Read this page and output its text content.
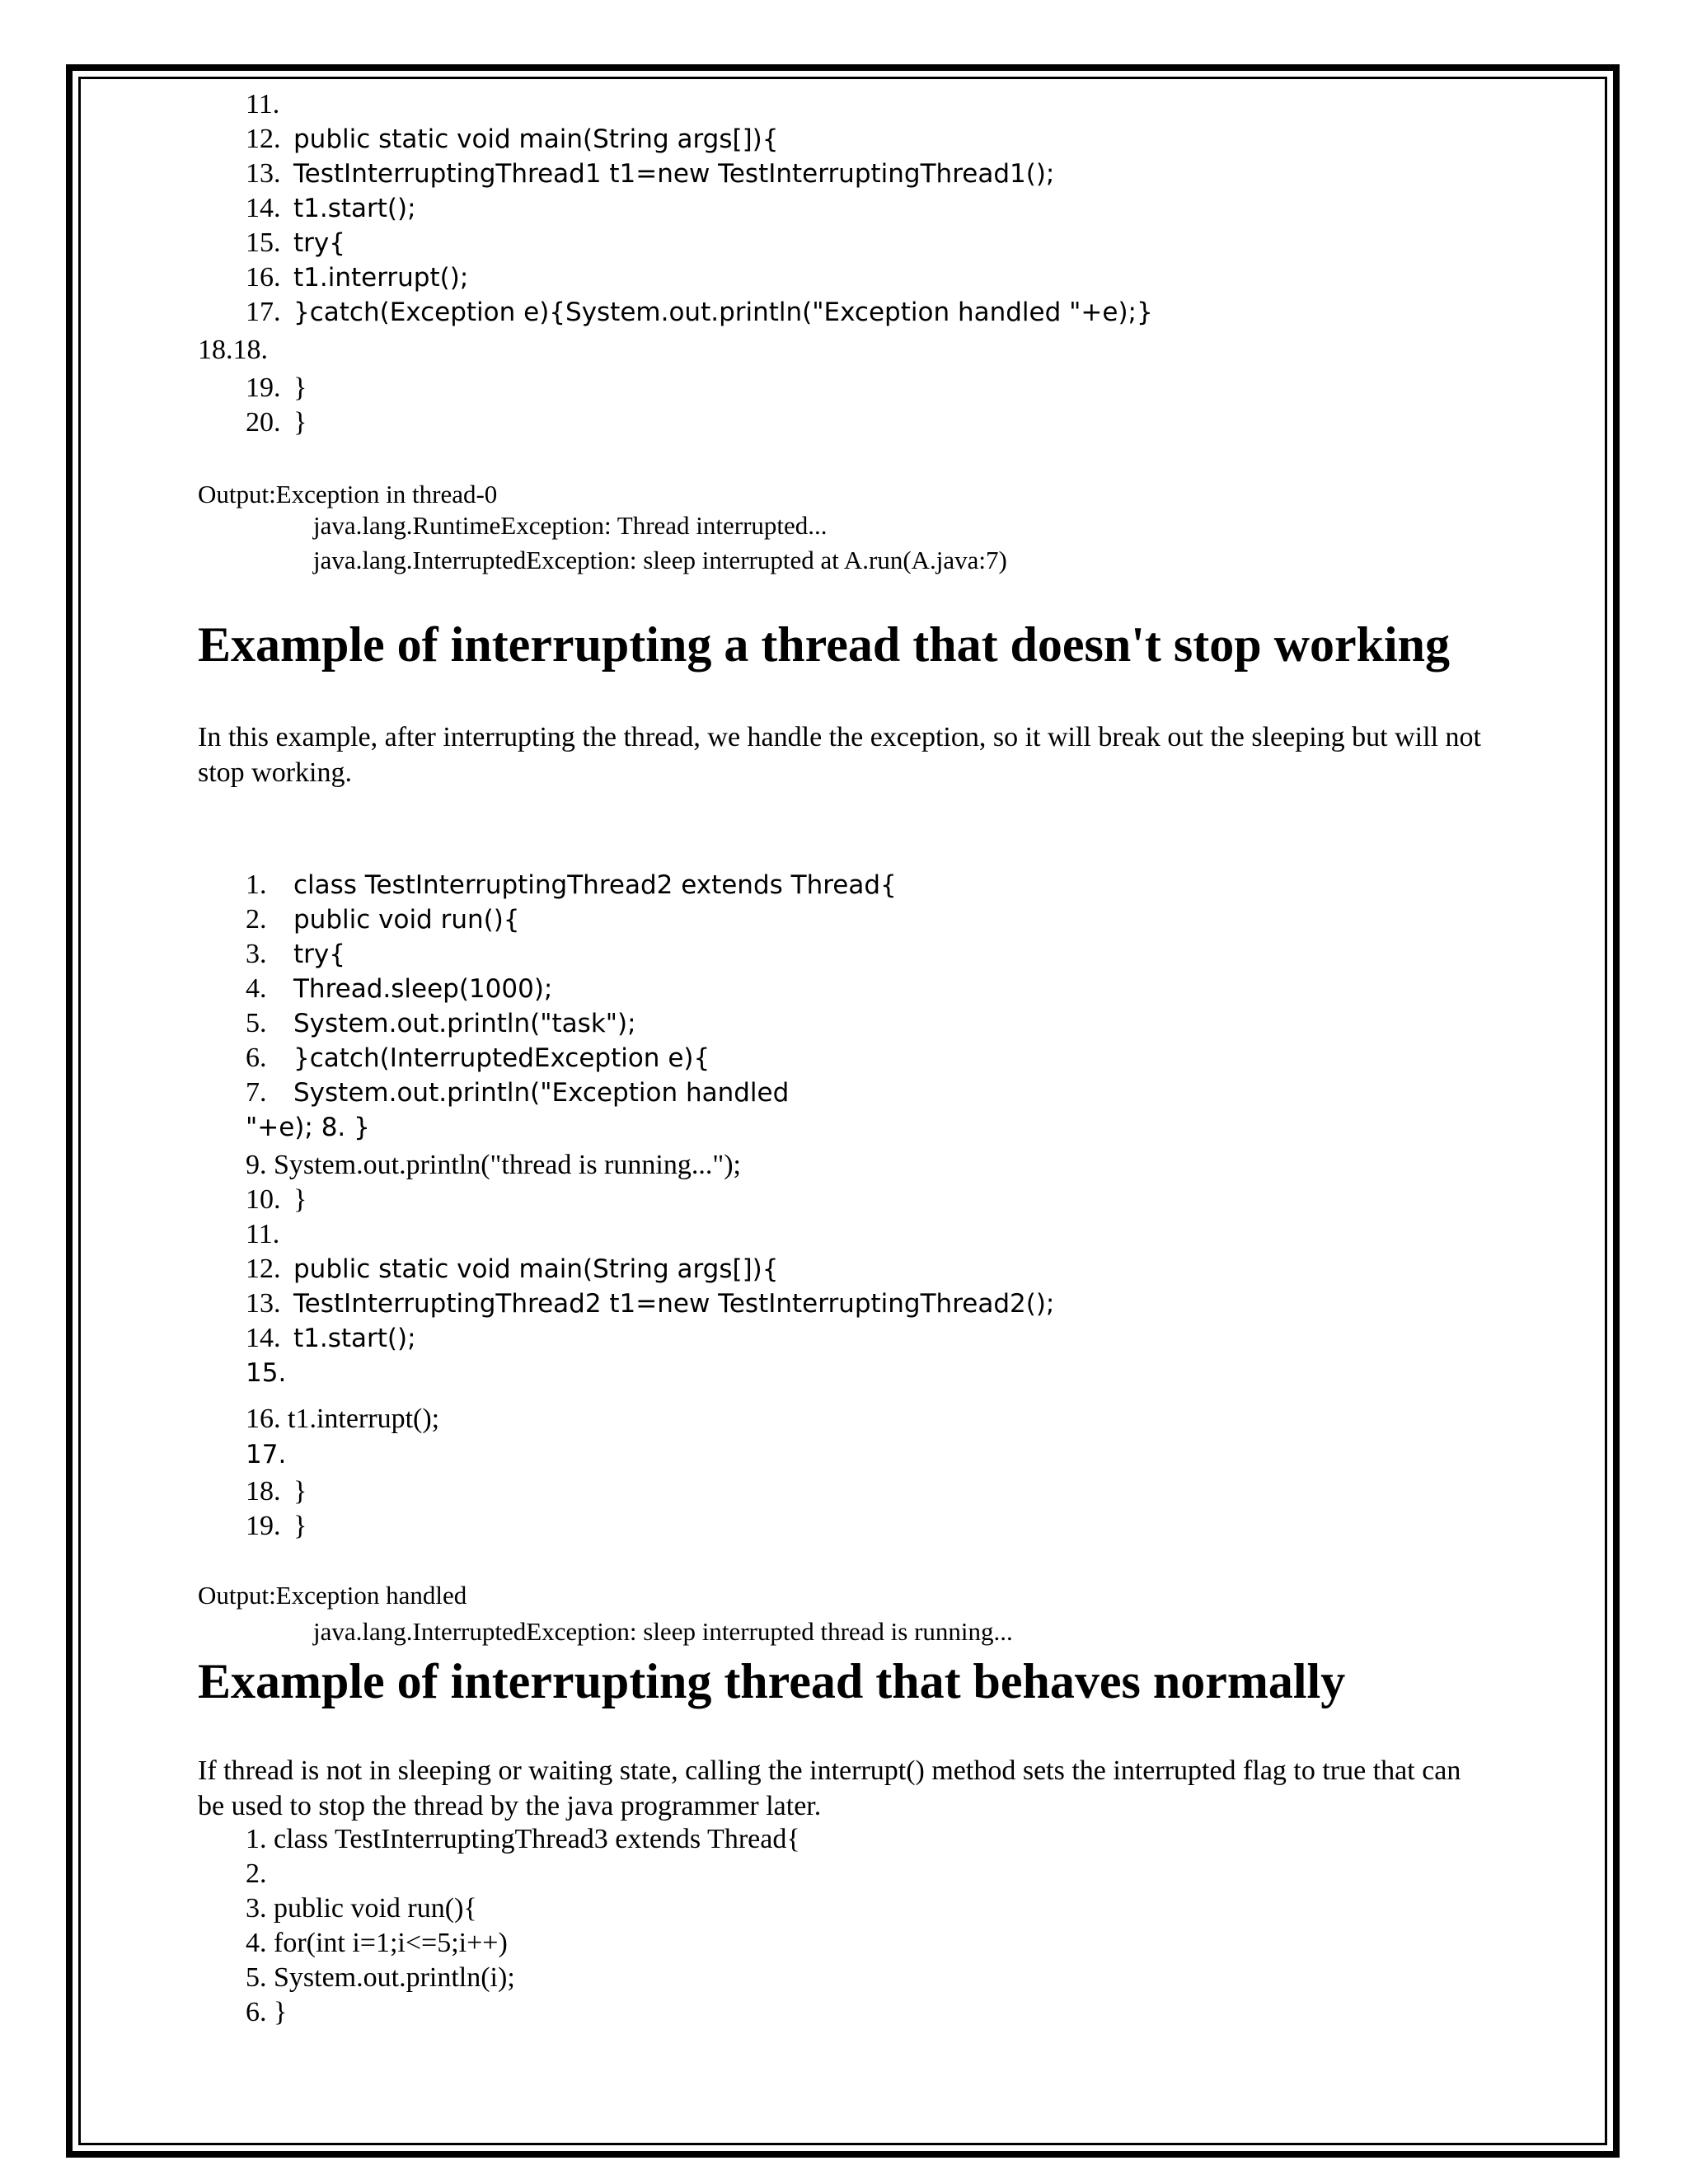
11.
12. public static void main(String args[]){
13. TestInterruptingThread1 t1=new TestInterruptingThread1();
14. t1.start();
15. try{
16. t1.interrupt();
17. }catch(Exception e){System.out.println("Exception handled "+e);}
18.18.
19. }
20. }
Output:Exception in thread-0
java.lang.RuntimeException: Thread interrupted...
java.lang.InterruptedException: sleep interrupted at A.run(A.java:7)
Example of interrupting a thread that doesn't stop working
In this example, after interrupting the thread, we handle the exception, so it will break out the sleeping but will not stop working.
1. class TestInterruptingThread2 extends Thread{
2. public void run(){
3. try{
4. Thread.sleep(1000);
5. System.out.println("task");
6. }catch(InterruptedException e){
7. System.out.println("Exception handled
"+e); 8. }
9. System.out.println("thread is running...");
10. }
11.
12. public static void main(String args[]){
13. TestInterruptingThread2 t1=new TestInterruptingThread2();
14. t1.start();
15.
16. t1.interrupt();
17.
18. }
19. }
Output:Exception handled
java.lang.InterruptedException: sleep interrupted thread is running...
Example of interrupting thread that behaves normally
If thread is not in sleeping or waiting state, calling the interrupt() method sets the interrupted flag to true that can be used to stop the thread by the java programmer later.
1. class TestInterruptingThread3 extends Thread{
2.
3. public void run(){
4. for(int i=1;i<=5;i++)
5. System.out.println(i);
6. }
